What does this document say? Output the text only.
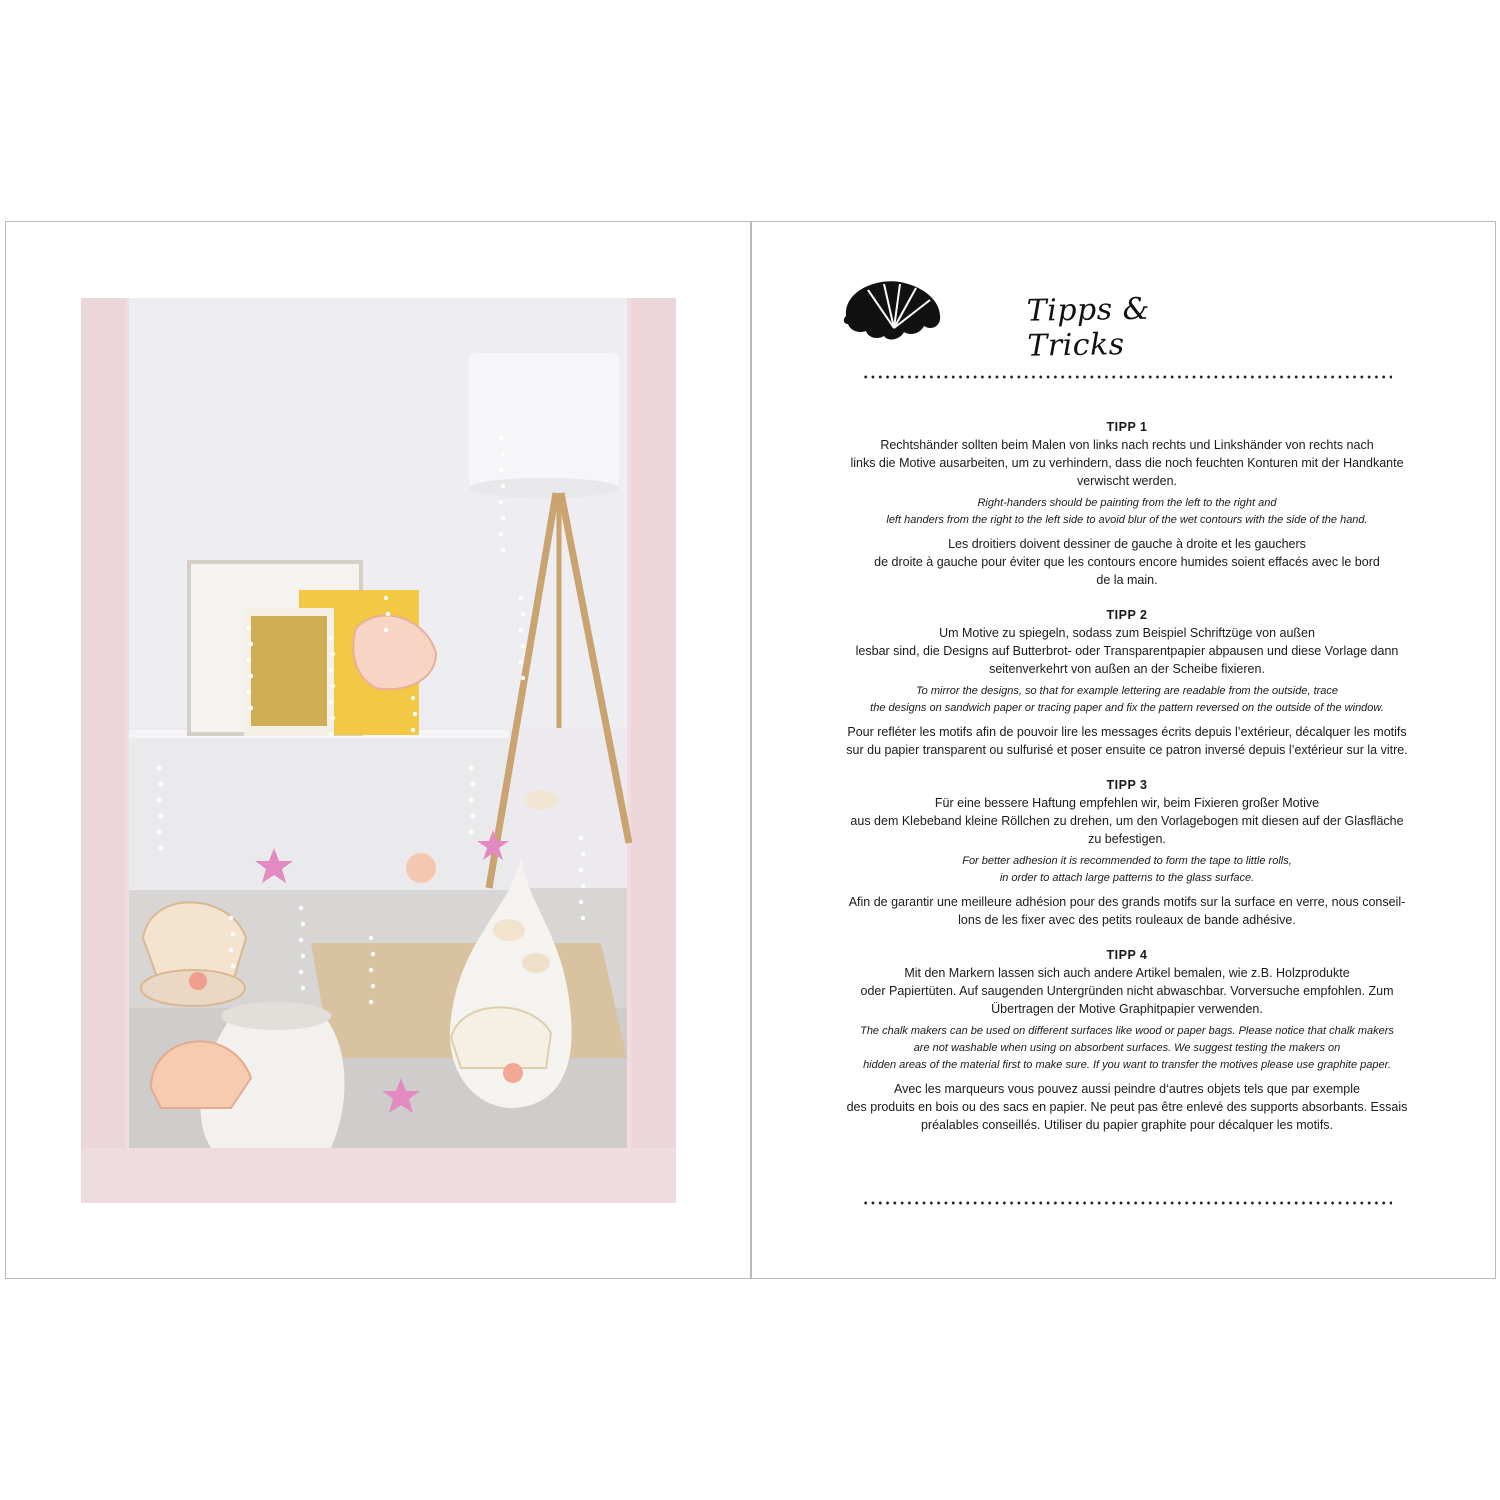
Tipps & Tricks
TIPP 1

Rechtshänder sollten beim Malen von links nach rechts und Linkshänder von rechts nach
links die Motive ausarbeiten, um zu verhindern, dass die noch feuchten Konturen mit der Handkante
verwischt werden.

Right-handers should be painting from the left to the right and
left handers from the right to the left side to avoid blur of the wet contours with the side of the hand.

Les droitiers doivent dessiner de gauche à droite et les gauchers
de droite à gauche pour éviter que les contours encore humides soient effacés avec le bord
de la main.

TIPP 2

Um Motive zu spiegeln, sodass zum Beispiel Schriftzüge von außen
lesbar sind, die Designs auf Butterbrot- oder Transparentpapier abpausen und diese Vorlage dann
seitenverkehrt von außen an der Scheibe fixieren.

To mirror the designs, so that for example lettering are readable from the outside, trace
the designs on sandwich paper or tracing paper and fix the pattern reversed on the outside of the window.

Pour refléter les motifs afin de pouvoir lire les messages écrits depuis l’extérieur, décalquer les motifs
sur du papier transparent ou sulfurisé et poser ensuite ce patron inversé depuis l’extérieur sur la vitre.

TIPP 3

Für eine bessere Haftung empfehlen wir, beim Fixieren großer Motive
aus dem Klebeband kleine Röllchen zu drehen, um den Vorlagebogen mit diesen auf der Glasfläche
zu befestigen.

For better adhesion it is recommended to form the tape to little rolls,
in order to attach large patterns to the glass surface.

Afin de garantir une meilleure adhésion pour des grands motifs sur la surface en verre, nous conseil-
lons de les fixer avec des petits rouleaux de bande adhésive.

TIPP 4

Mit den Markern lassen sich auch andere Artikel bemalen, wie z.B. Holzprodukte
oder Papiertüten. Auf saugenden Untergründen nicht abwaschbar. Vorversuche empfohlen. Zum
Übertragen der Motive Graphitpapier verwenden.

The chalk makers can be used on different surfaces like wood or paper bags. Please notice that chalk makers
are not washable when using on absorbent surfaces. We suggest testing the makers on
hidden areas of the material first to make sure. If you want to transfer the motives please use graphite paper.

Avec les marqueurs vous pouvez aussi peindre d‘autres objets tels que par exemple
des produits en bois ou des sacs en papier. Ne peut pas être enlevé des supports absorbants. Essais
préalables conseillés. Utiliser du papier graphite pour décalquer les motifs.
